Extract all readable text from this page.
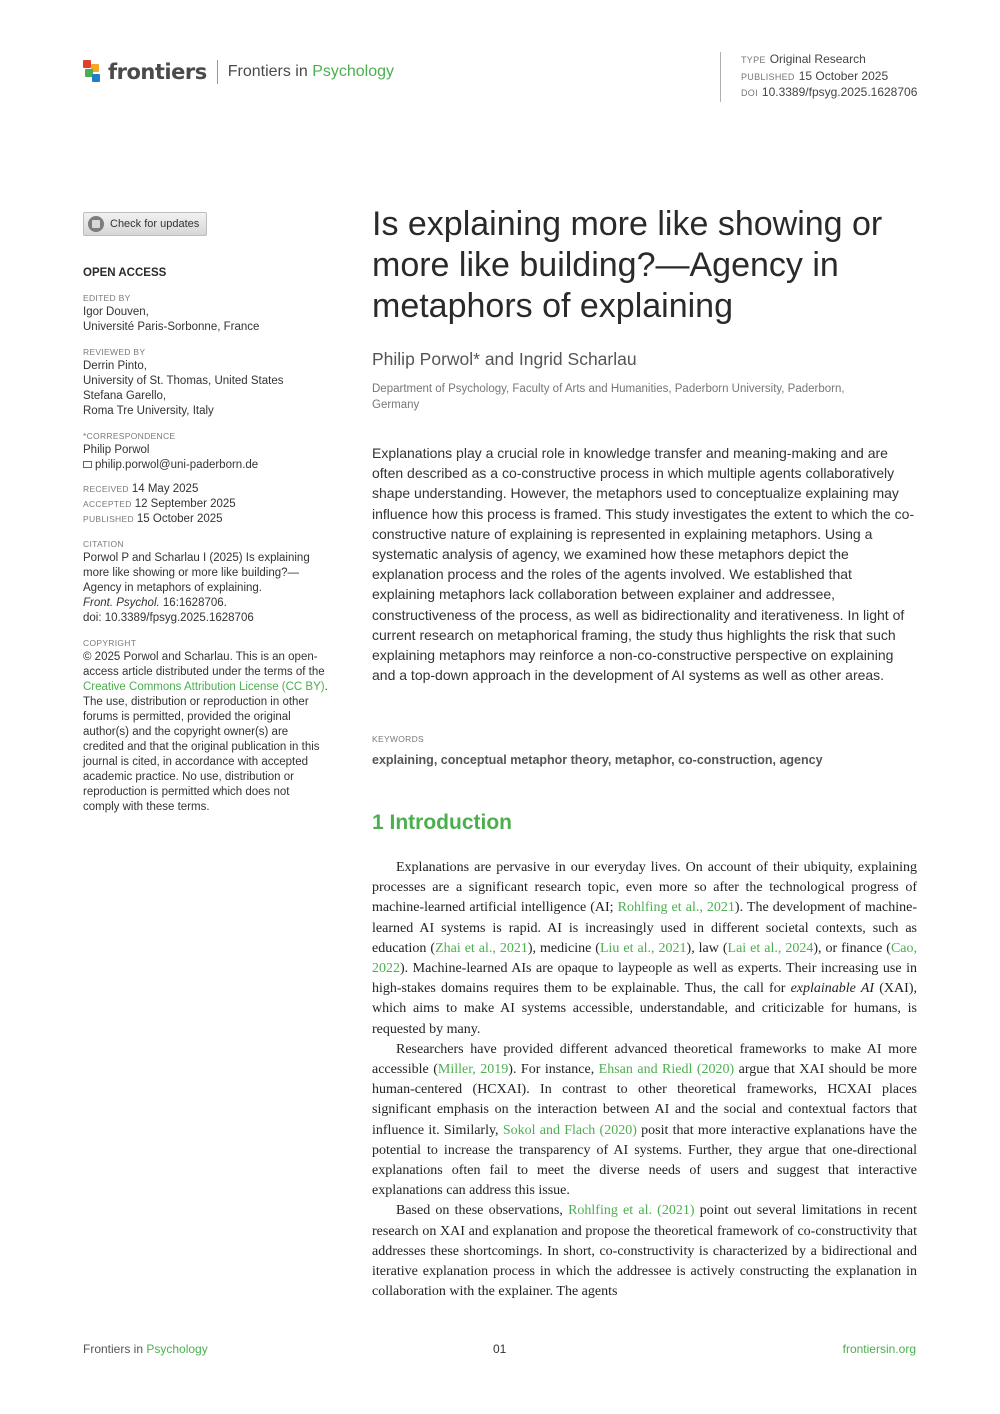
frontiers Frontiers in Psychology
TYPE Original Research
PUBLISHED 15 October 2025
DOI 10.3389/fpsyg.2025.1628706
Check for updates
OPEN ACCESS
EDITED BY
Igor Douven,
Université Paris-Sorbonne, France
REVIEWED BY
Derrin Pinto,
University of St. Thomas, United States
Stefana Garello,
Roma Tre University, Italy
*CORRESPONDENCE
Philip Porwol
philip.porwol@uni-paderborn.de
RECEIVED 14 May 2025
ACCEPTED 12 September 2025
PUBLISHED 15 October 2025
CITATION
Porwol P and Scharlau I (2025) Is explaining more like showing or more like building?—Agency in metaphors of explaining.
Front. Psychol. 16:1628706.
doi: 10.3389/fpsyg.2025.1628706
COPYRIGHT
© 2025 Porwol and Scharlau. This is an open-access article distributed under the terms of the Creative Commons Attribution License (CC BY). The use, distribution or reproduction in other forums is permitted, provided the original author(s) and the copyright owner(s) are credited and that the original publication in this journal is cited, in accordance with accepted academic practice. No use, distribution or reproduction is permitted which does not comply with these terms.
Is explaining more like showing or more like building?—Agency in metaphors of explaining
Philip Porwol* and Ingrid Scharlau
Department of Psychology, Faculty of Arts and Humanities, Paderborn University, Paderborn, Germany
Explanations play a crucial role in knowledge transfer and meaning-making and are often described as a co-constructive process in which multiple agents collaboratively shape understanding. However, the metaphors used to conceptualize explaining may influence how this process is framed. This study investigates the extent to which the co-constructive nature of explaining is represented in explaining metaphors. Using a systematic analysis of agency, we examined how these metaphors depict the explanation process and the roles of the agents involved. We established that explaining metaphors lack collaboration between explainer and addressee, constructiveness of the process, as well as bidirectionality and iterativeness. In light of current research on metaphorical framing, the study thus highlights the risk that such explaining metaphors may reinforce a non-co-constructive perspective on explaining and a top-down approach in the development of AI systems as well as other areas.
KEYWORDS
explaining, conceptual metaphor theory, metaphor, co-construction, agency
1 Introduction

Explanations are pervasive in our everyday lives. On account of their ubiquity, explaining processes are a significant research topic, even more so after the technological progress of machine-learned artificial intelligence (AI; Rohlfing et al., 2021). The development of machine-learned AI systems is rapid. AI is increasingly used in different societal contexts, such as education (Zhai et al., 2021), medicine (Liu et al., 2021), law (Lai et al., 2024), or finance (Cao, 2022). Machine-learned AIs are opaque to laypeople as well as experts. Their increasing use in high-stakes domains requires them to be explainable. Thus, the call for explainable AI (XAI), which aims to make AI systems accessible, understandable, and criticizable for humans, is requested by many.

Researchers have provided different advanced theoretical frameworks to make AI more accessible (Miller, 2019). For instance, Ehsan and Riedl (2020) argue that XAI should be more human-centered (HCXAI). In contrast to other theoretical frameworks, HCXAI places significant emphasis on the interaction between AI and the social and contextual factors that influence it. Similarly, Sokol and Flach (2020) posit that more interactive explanations have the potential to increase the transparency of AI systems. Further, they argue that one-directional explanations often fail to meet the diverse needs of users and suggest that interactive explanations can address this issue.

Based on these observations, Rohlfing et al. (2021) point out several limitations in recent research on XAI and explanation and propose the theoretical framework of co-constructivity that addresses these shortcomings. In short, co-constructivity is characterized by a bidirectional and iterative explanation process in which the addressee is actively constructing the explanation in collaboration with the explainer. The agents

Frontiers in Psychology	01	frontiersin.org
